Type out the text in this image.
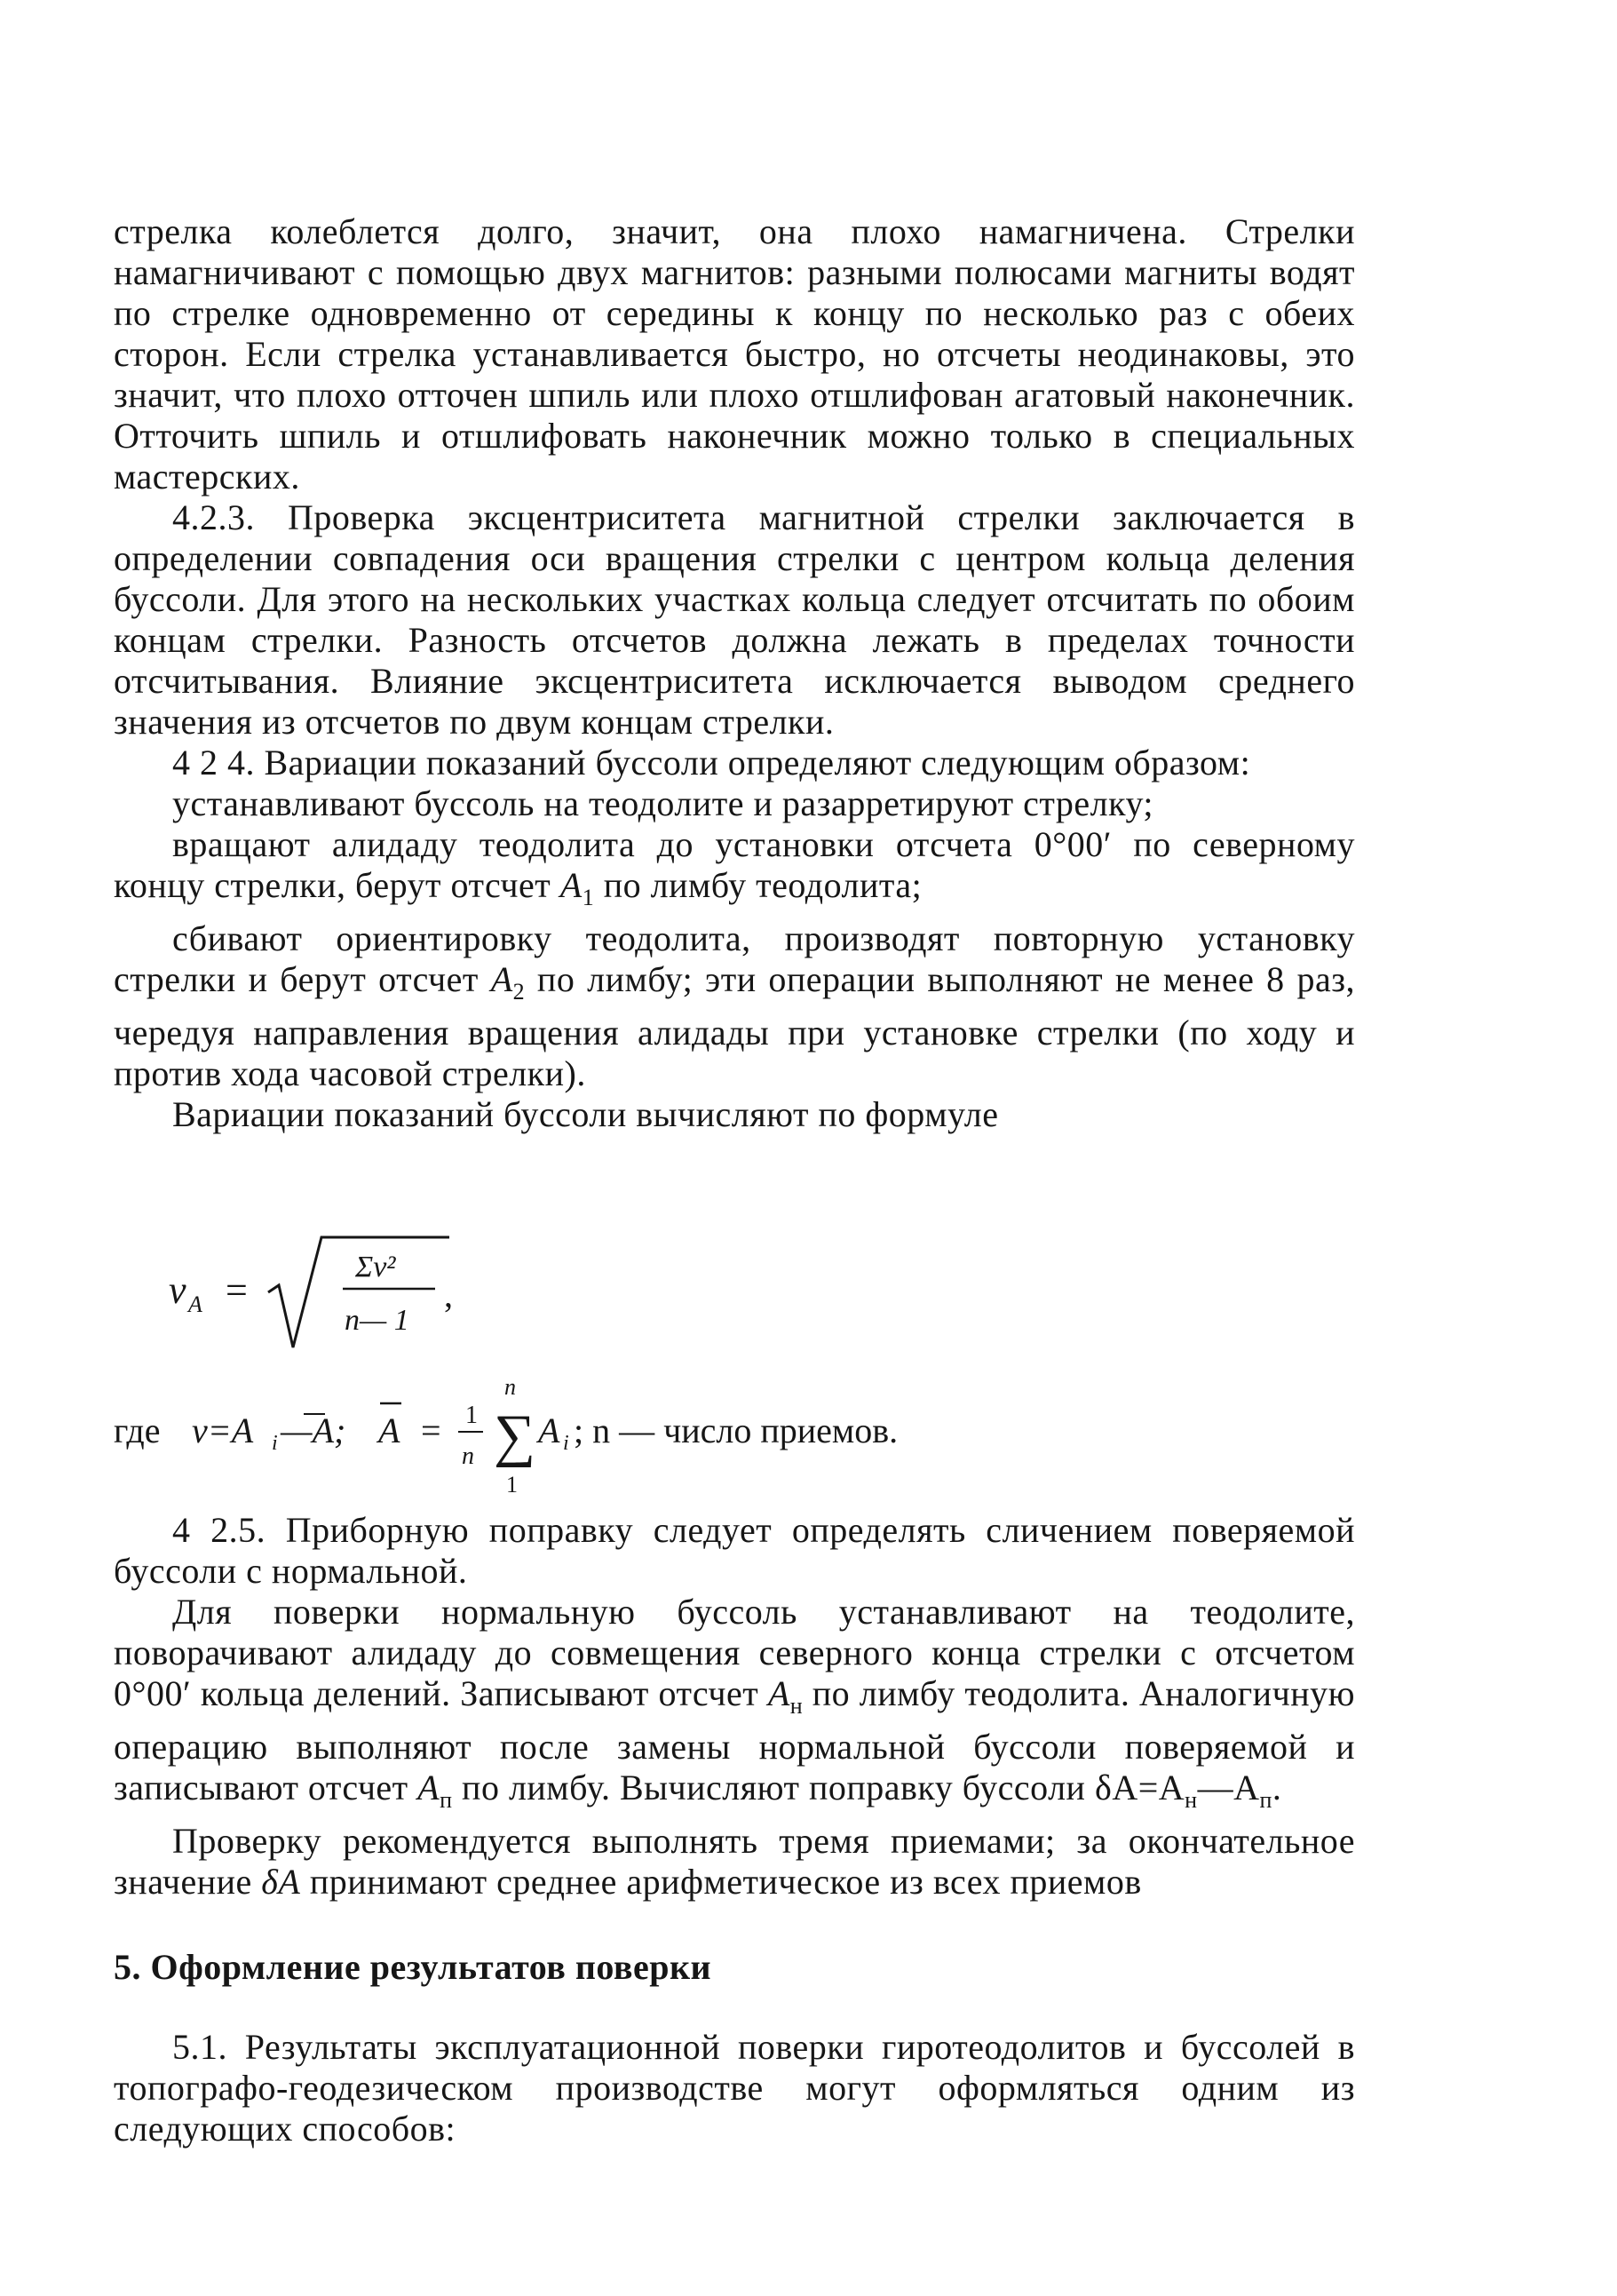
стрелка колеблется долго, значит, она плохо намагничена. Стрелки намагничивают с помощью двух магнитов: разными полюсами магниты водят по стрелке одновременно от середины к концу по несколько раз с обеих сторон. Если стрелка устанавливается быстро, но отсчеты неодинаковы, это значит, что плохо отточен шпиль или плохо отшлифован агатовый наконечник. Отточить шпиль и отшлифовать наконечник можно только в специальных мастерских.

4.2.3. Проверка эксцентриситета магнитной стрелки заключается в определении совпадения оси вращения стрелки с центром кольца деления буссоли. Для этого на нескольких участках кольца следует отсчитать по обоим концам стрелки. Разность отсчетов должна лежать в пределах точности отсчитывания. Влияние эксцентриситета исключается выводом среднего значения из отсчетов по двум концам стрелки.

4 2 4. Вариации показаний буссоли определяют следующим образом:

устанавливают буссоль на теодолите и разарретируют стрелку;

вращают алидаду теодолита до установки отсчета 0°00′ по северному концу стрелки, берут отсчет $A_1$ по лимбу теодолита;

сбивают ориентировку теодолита, производят повторную установку стрелки и берут отсчет $A_2$ по лимбу; эти операции выполняют не менее 8 раз, чередуя направления вращения алидады при установке стрелки (по ходу и против хода часовой стрелки).

Вариации показаний буссоли вычисляют по формуле

v A =
Σv²
n— 1
,
где v=A i —A; A = 1
n
n
∑
1
A i ; n — число приемов.

4 2.5. Приборную поправку следует определять сличением поверяемой буссоли с нормальной.

Для поверки нормальную буссоль устанавливают на теодолите, поворачивают алидаду до совмещения северного конца стрелки с отсчетом 0°00′ кольца делений. Записывают отсчет $A_н$ по лимбу теодолита. Аналогичную операцию выполняют после замены нормальной буссоли поверяемой и записывают отсчет $A_п$ по лимбу. Вычисляют поправку буссоли $\delta A=A_н—A_п$.

Проверку рекомендуется выполнять тремя приемами; за окончательное значение δA принимают среднее арифметическое из всех приемов

5. Оформление результатов поверки

5.1. Результаты эксплуатационной поверки гиротеодолитов и буссолей в топографо-геодезическом производстве могут оформляться одним из следующих способов:
